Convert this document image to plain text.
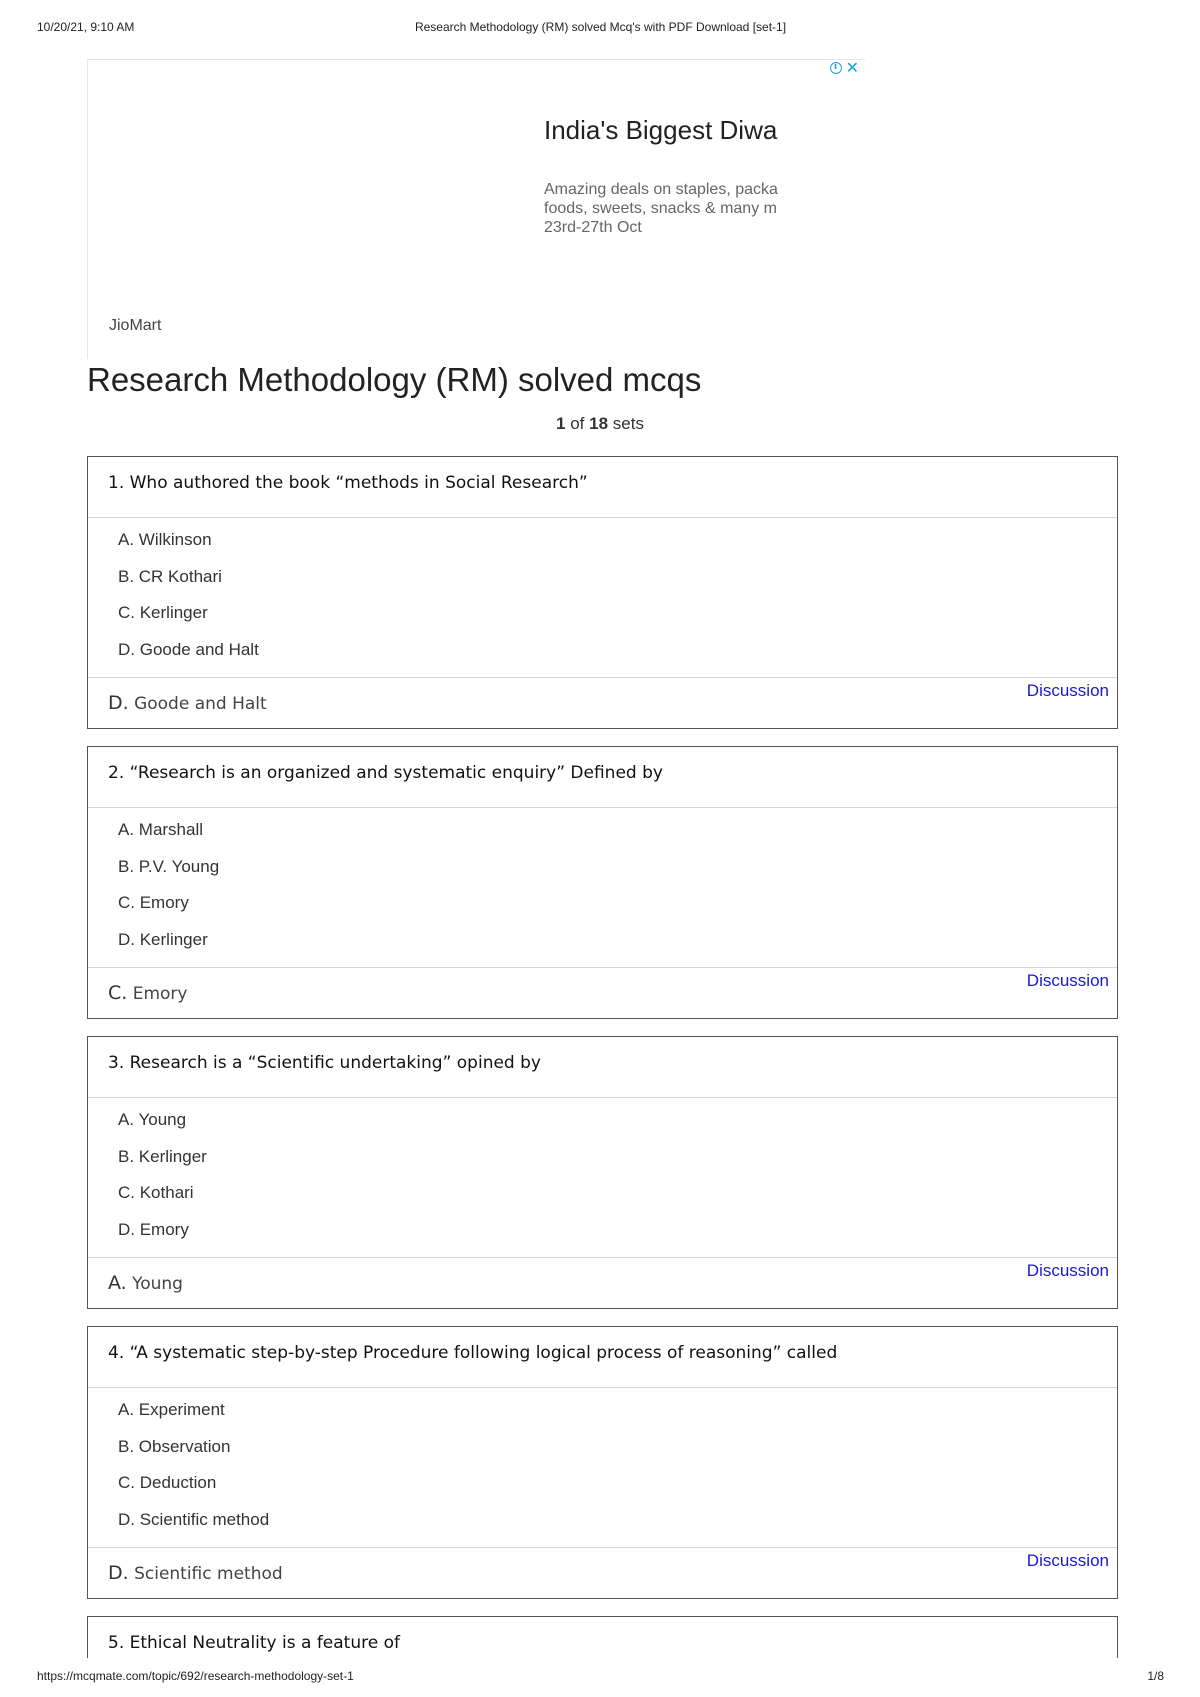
10/20/21, 9:10 AM	Research Methodology (RM) solved Mcq's with PDF Download [set-1]
India's Biggest Diwa
Amazing deals on staples, packa
foods, sweets, snacks & many m
23rd-27th Oct
JioMart
i ✕
Research Methodology (RM) solved mcqs
1 of 18 sets
1. Who authored the book “methods in Social Research”
A. Wilkinson
B. CR Kothari
C. Kerlinger
D. Goode and Halt
D. Goode and Halt
Discussion
2. “Research is an organized and systematic enquiry” Defined by
A. Marshall
B. P.V. Young
C. Emory
D. Kerlinger
C. Emory
Discussion
3. Research is a “Scientific undertaking” opined by
A. Young
B. Kerlinger
C. Kothari
D. Emory
A. Young
Discussion
4. “A systematic step-by-step Procedure following logical process of reasoning” called
A. Experiment
B. Observation
C. Deduction
D. Scientific method
D. Scientific method
Discussion
5. Ethical Neutrality is a feature of
https://mcqmate.com/topic/692/research-methodology-set-1	1/8
